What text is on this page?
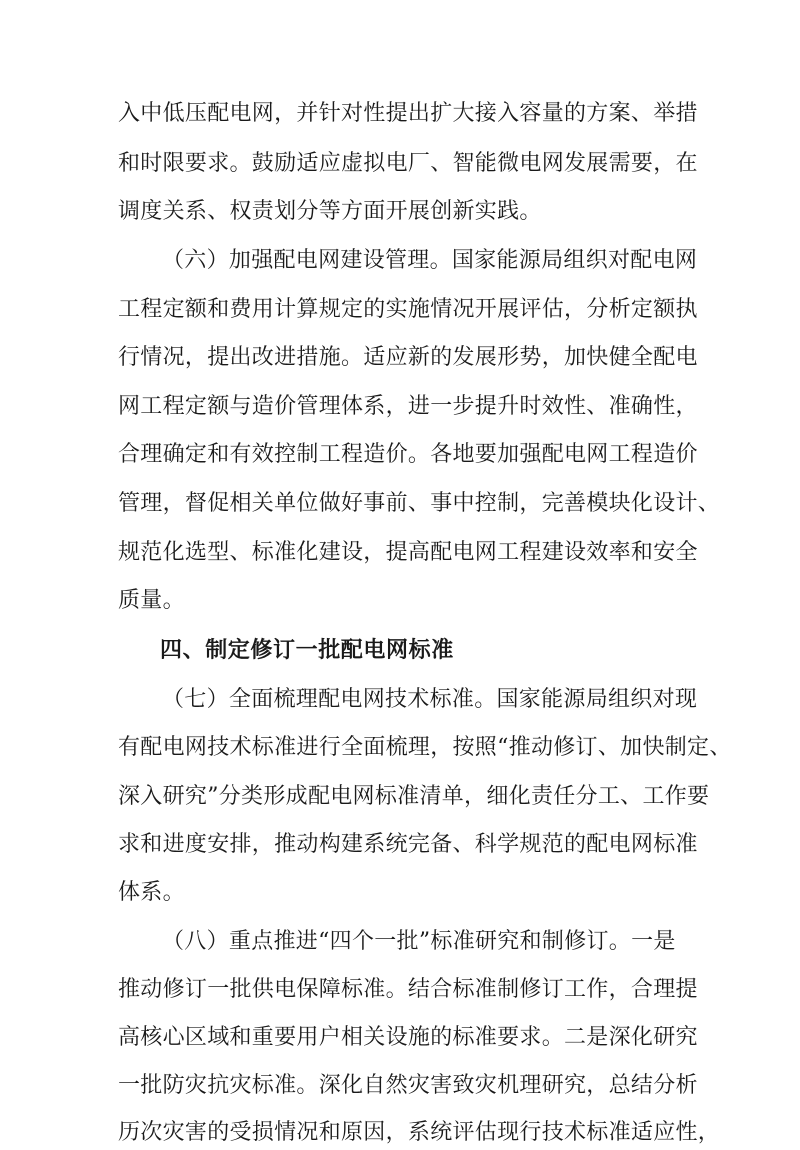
入中低压配电网，并针对性提出扩大接入容量的方案、举措
和时限要求。鼓励适应虚拟电厂、智能微电网发展需要，在
调度关系、权责划分等方面开展创新实践。
（六）加强配电网建设管理。国家能源局组织对配电网
工程定额和费用计算规定的实施情况开展评估，分析定额执
行情况，提出改进措施。适应新的发展形势，加快健全配电
网工程定额与造价管理体系，进一步提升时效性、准确性，
合理确定和有效控制工程造价。各地要加强配电网工程造价
管理，督促相关单位做好事前、事中控制，完善模块化设计、
规范化选型、标准化建设，提高配电网工程建设效率和安全
质量。
四、制定修订一批配电网标准
（七）全面梳理配电网技术标准。国家能源局组织对现
有配电网技术标准进行全面梳理，按照“推动修订、加快制定、
深入研究”分类形成配电网标准清单，细化责任分工、工作要
求和进度安排，推动构建系统完备、科学规范的配电网标准
体系。
（八）重点推进“四个一批”标准研究和制修订。一是
推动修订一批供电保障标准。结合标准制修订工作，合理提
高核心区域和重要用户相关设施的标准要求。二是深化研究
一批防灾抗灾标准。深化自然灾害致灾机理研究，总结分析
历次灾害的受损情况和原因，系统评估现行技术标准适应性，
